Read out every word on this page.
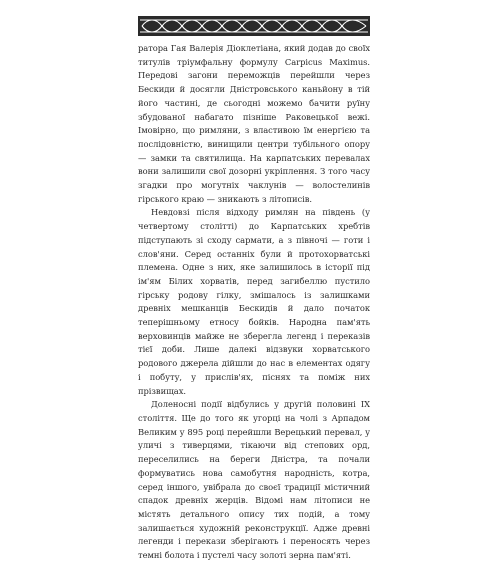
ратора Гая Валерія Діоклетіана, який додав до своїх титулів тріумфальну формулу Carpicus Maximus. Передові загони переможців перейшли через Бескиди й досягли Дністровського каньйону в тій його частині, де сьогодні можемо бачити руїну збудованої набагато пізніше Раковецької вежі. Імовірно, що римляни, з властивою їм енергією та послідовністю, винищили центри тубільного опору — замки та святилища. На карпатських перевалах вони залишили свої дозорні укріплення. З того часу згадки про могутніх чаклунів — волостелинів гірського краю — зникають з літописів.

Невдовзі після відходу римлян на південь (у четвертому столітті) до Карпатських хребтів підступають зі сходу сармати, а з півночі — готи і слов'яни. Серед останніх були й протохорватські племена. Одне з них, яке залишилось в історії під ім'ям Білих хорватів, перед загибеллю пустило гірську родову гілку, змішалось із залишками древніх мешканців Бескидів й дало початок теперішньому етносу бойків. Народна пам'ять верховинців майже не зберегла легенд і переказів тієї доби. Лише далекі відзвуки хорватського родового джерела дійшли до нас в елементах одягу і побуту, у прислів'ях, піснях та поміж них прізвищах.

Доленосні події відбулись у другій половині IX століття. Ще до того як угорці на чолі з Арпадом Великим у 895 році перейшли Верецький перевал, у уличі з тиверцями, тікаючи від степових орд, переселились на береги Дністра, та почали формуватись нова самобутня народність, котра, серед іншого, увібрала до своєї традиції містичний спадок древніх жерців. Відомі нам літописи не містять детального опису тих подій, а тому залишається художній реконструкції. Адже древні легенди і перекази зберігають і переносять через темні болота і пустелі часу золоті зерна пам'яті.
